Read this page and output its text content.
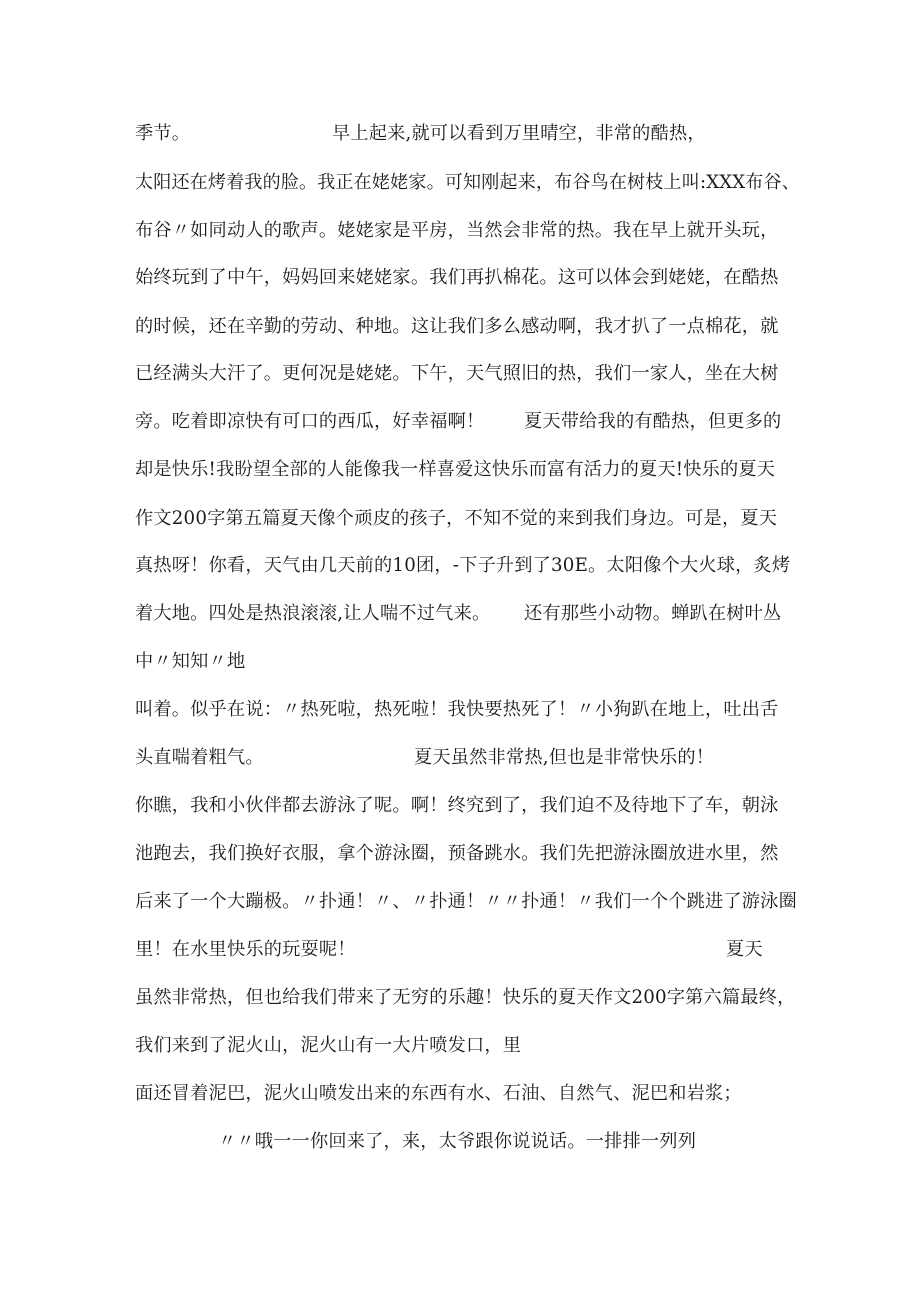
季节。	早上起来,就可以看到万里晴空，非常的酷热，

太阳还在烤着我的脸。我正在姥姥家。可知刚起来，布谷鸟在树枝上叫:XXX布谷、

布谷〃如同动人的歌声。姥姥家是平房，当然会非常的热。我在早上就开头玩，

始终玩到了中午，妈妈回来姥姥家。我们再扒棉花。这可以体会到姥姥，在酷热

的时候，还在辛勤的劳动、种地。这让我们多么感动啊，我才扒了一点棉花，就

已经满头大汗了。更何况是姥姥。下午，天气照旧的热，我们一家人，坐在大树

旁。吃着即凉快有可口的西瓜，好幸福啊！ 夏天带给我的有酷热，但更多的

却是快乐!我盼望全部的人能像我一样喜爱这快乐而富有活力的夏天!快乐的夏天

作文200字第五篇夏天像个顽皮的孩子，不知不觉的来到我们身边。可是，夏天

真热呀！你看，天气由几天前的10团，-下子升到了30E。太阳像个大火球，炙烤

着大地。四处是热浪滚滚,让人喘不过气来。 还有那些小动物。蝉趴在树叶丛

中〃知知〃地

叫着。似乎在说：〃热死啦，热死啦！我快要热死了！〃小狗趴在地上，吐出舌

头直喘着粗气。	夏天虽然非常热,但也是非常快乐的！

你瞧，我和小伙伴都去游泳了呢。啊！终究到了，我们迫不及待地下了车，朝泳

池跑去，我们换好衣服，拿个游泳圈，预备跳水。我们先把游泳圈放进水里，然

后来了一个大蹦极。〃扑通！〃、〃扑通！〃〃扑通！〃我们一个个跳进了游泳圈

里！在水里快乐的玩耍呢！	夏天

虽然非常热，但也给我们带来了无穷的乐趣！快乐的夏天作文200字第六篇最终，

我们来到了泥火山，泥火山有一大片喷发口，里

面还冒着泥巴，泥火山喷发出来的东西有水、石油、自然气、泥巴和岩浆；

〃〃哦一一你回来了，来，太爷跟你说说话。一排排一列列
